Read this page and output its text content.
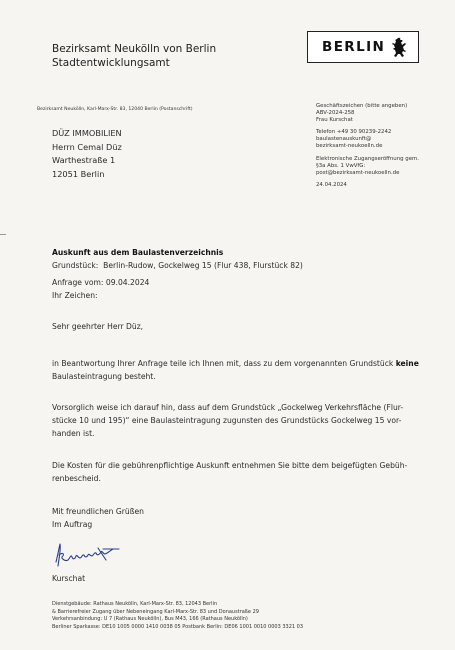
Bezirksamt Neukölln von Berlin
Stadtentwicklungsamt
BERLIN
Bezirksamt Neukölln, Karl-Marx-Str. 83, 12040 Berlin (Postanschrift)
DÜZ IMMOBILIEN
Herrn Cemal Düz
Warthestraße 1
12051 Berlin
Geschäftszeichen (bitte angeben)
ABV-2024-258
Frau Kurschat
Telefon +49 30 90239-2242
baulastenauskunft@
bezirksamt-neukoelln.de
Elektronische Zugangseröffnung gem.
§3a Abs. 1 VwVfG:
post@bezirksamt-neukoelln.de
24.04.2024
Auskunft aus dem Baulastenverzeichnis
Grundstück: Berlin-Rudow, Gockelweg 15 (Flur 438, Flurstück 82)
Anfrage vom: 09.04.2024
Ihr Zeichen:
Sehr geehrter Herr Düz,
in Beantwortung Ihrer Anfrage teile ich Ihnen mit, dass zu dem vorgenannten Grundstück keine
Baulasteintragung besteht.
Vorsorglich weise ich darauf hin, dass auf dem Grundstück „Gockelweg Verkehrsfläche (Flur-
stücke 10 und 195)“ eine Baulasteintragung zugunsten des Grundstücks Gockelweg 15 vor-
handen ist.
Die Kosten für die gebührenpflichtige Auskunft entnehmen Sie bitte dem beigefügten Gebüh-
renbescheid.
Mit freundlichen Grüßen
Im Auftrag
Kurschat
Dienstgebäude: Rathaus Neukölln, Karl-Marx-Str. 83, 12043 Berlin
& Barrierefreier Zugang über Nebeneingang Karl-Marx-Str. 83 und Donaustraße 29
Verkehrsanbindung: U 7 (Rathaus Neukölln), Bus M43, 166 (Rathaus Neukölln)
Berliner Sparkasse: DE10 1005 0000 1410 0038 05 Postbank Berlin: DE06 1001 0010 0003 3321 03
